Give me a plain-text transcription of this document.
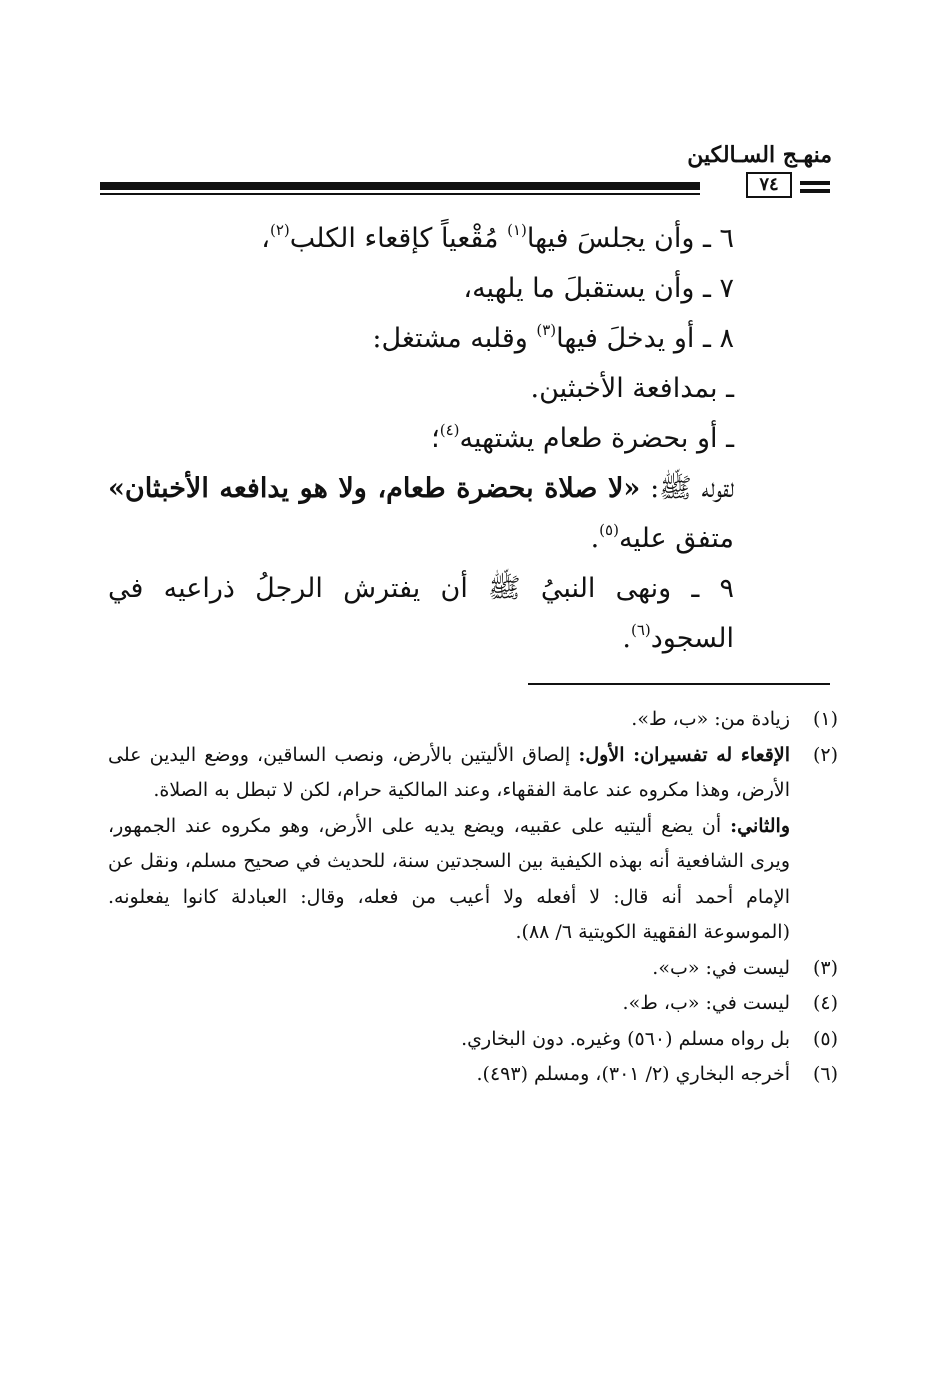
منهـج السـالكين
٧٤

٦ ـ وأن يجلسَ فيها$^{(١)}$ مُقْعياً كإقعاء الكلب$^{(٢)}$،

٧ ـ وأن يستقبلَ ما يلهيه،

٨ ـ أو يدخلَ فيها$^{(٣)}$ وقلبه مشتغل:

ـ بمدافعة الأخبثين.

ـ أو بحضرة طعام يشتهيه$^{(٤)}$؛

لقوله ﷺ: «لا صلاة بحضرة طعام، ولا هو يدافعه الأخبثان» متفق عليه$^{(٥)}$.

٩ ـ ونهى النبيُ ﷺ أن يفترش الرجلُ ذراعيه في السجود$^{(٦)}$.

(١)
زيادة من: «ب، ط».
(٢)

الإقعاء له تفسيران: الأول: إلصاق الأليتين بالأرض، ونصب الساقين، ووضع اليدين على الأرض، وهذا مكروه عند عامة الفقهاء، وعند المالكية حرام، لكن لا تبطل به الصلاة.

والثاني: أن يضع أليتيه على عقبيه، ويضع يديه على الأرض، وهو مكروه عند الجمهور، ويرى الشافعية أنه بهذه الكيفية بين السجدتين سنة، للحديث في صحيح مسلم، ونقل عن الإمام أحمد أنه قال: لا أفعله ولا أعيب من فعله، وقال: العبادلة كانوا يفعلونه. (الموسوعة الفقهية الكويتية ٦/ ٨٨).

(٣)
ليست في: «ب».
(٤)
ليست في: «ب، ط».
(٥)
بل رواه مسلم (٥٦٠) وغيره. دون البخاري.
(٦)
أخرجه البخاري (٢/ ٣٠١)، ومسلم (٤٩٣).
